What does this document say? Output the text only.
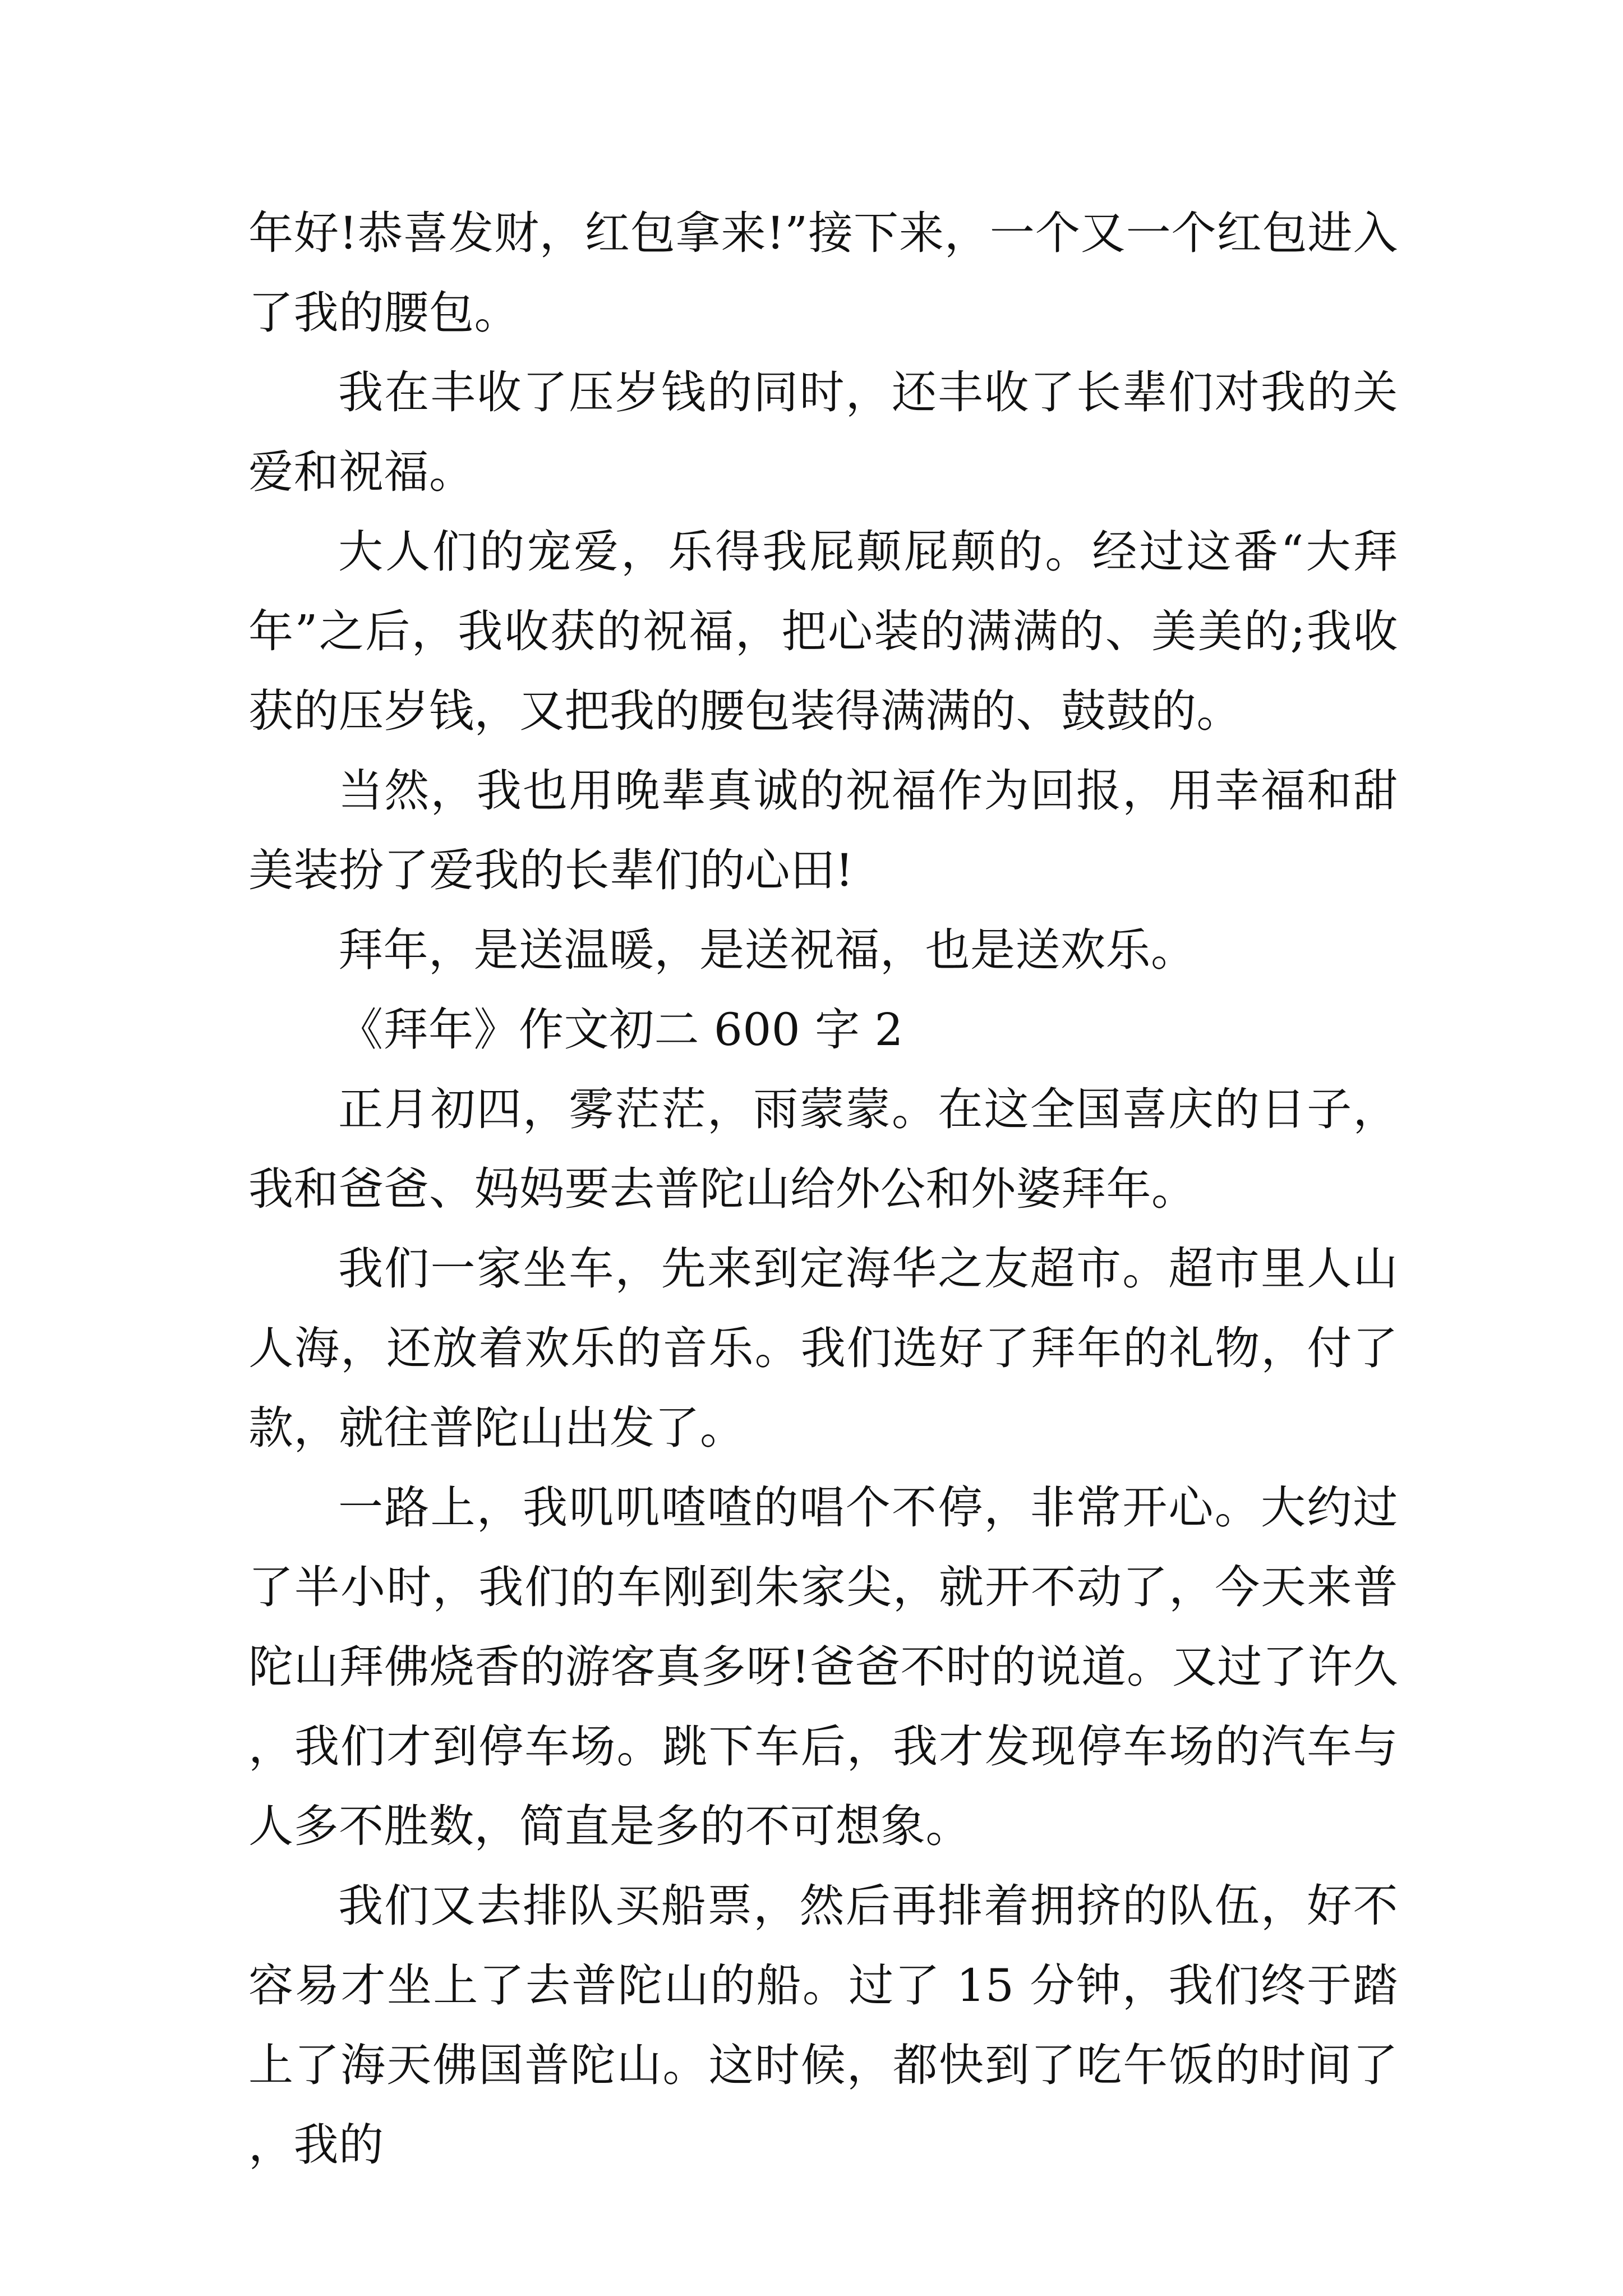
年好!恭喜发财，红包拿来!”接下来，一个又一个红包进入了我的腰包。

我在丰收了压岁钱的同时，还丰收了长辈们对我的关爱和祝福。

大人们的宠爱，乐得我屁颠屁颠的。经过这番“大拜年”之后，我收获的祝福，把心装的满满的、美美的;我收获的压岁钱，又把我的腰包装得满满的、鼓鼓的。

当然，我也用晚辈真诚的祝福作为回报，用幸福和甜美装扮了爱我的长辈们的心田!

拜年，是送温暖，是送祝福，也是送欢乐。

《拜年》作文初二 600 字 2

正月初四，雾茫茫，雨蒙蒙。在这全国喜庆的日子，我和爸爸、妈妈要去普陀山给外公和外婆拜年。

我们一家坐车，先来到定海华之友超市。超市里人山人海，还放着欢乐的音乐。我们选好了拜年的礼物，付了款，就往普陀山出发了。

一路上，我叽叽喳喳的唱个不停，非常开心。大约过了半小时，我们的车刚到朱家尖，就开不动了，今天来普陀山拜佛烧香的游客真多呀!爸爸不时的说道。又过了许久，我们才到停车场。跳下车后，我才发现停车场的汽车与人多不胜数，简直是多的不可想象。

我们又去排队买船票，然后再排着拥挤的队伍，好不容易才坐上了去普陀山的船。过了 15 分钟，我们终于踏上了海天佛国普陀山。这时候，都快到了吃午饭的时间了，我的
